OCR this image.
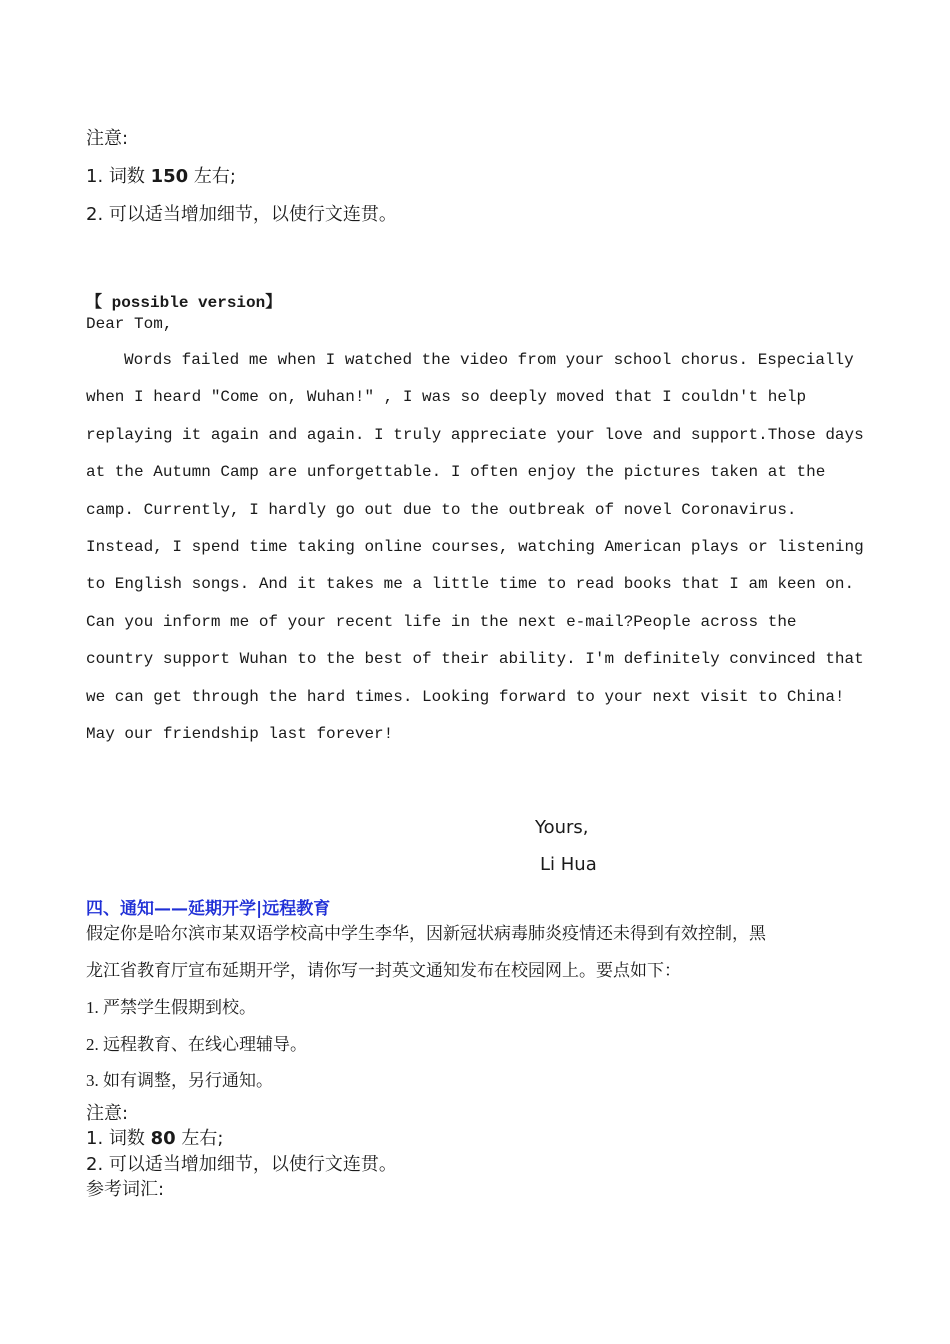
注意:
1. 词数 150 左右;
2. 可以适当增加细节，以使行文连贯。
【 possible version】
Dear Tom,
Words failed me when I watched the video from your school chorus. Especially
when I heard "Come on, Wuhan!" , I was so deeply moved that I couldn't help
replaying it again and again. I truly appreciate your love and support.Those days
at the Autumn Camp are unforgettable. I often enjoy the pictures taken at the
camp. Currently, I hardly go out due to the outbreak of novel Coronavirus.
Instead, I spend time taking online courses, watching American plays or listening
to English songs. And it takes me a little time to read books that I am keen on.
Can you inform me of your recent life in the next e-mail?People across the
country support Wuhan to the best of their ability. I'm definitely convinced that
we can get through the hard times. Looking forward to your next visit to China!
May our friendship last forever!
Yours,
Li Hua
四、通知——延期开学|远程教育
假定你是哈尔滨市某双语学校高中学生李华，因新冠状病毒肺炎疫情还未得到有效控制，黑
龙江省教育厅宣布延期开学，请你写一封英文通知发布在校园网上。要点如下：
1. 严禁学生假期到校。
2. 远程教育、在线心理辅导。
3. 如有调整，另行通知。
注意:
1. 词数 80 左右;
2. 可以适当增加细节，以使行文连贯。
参考词汇:
